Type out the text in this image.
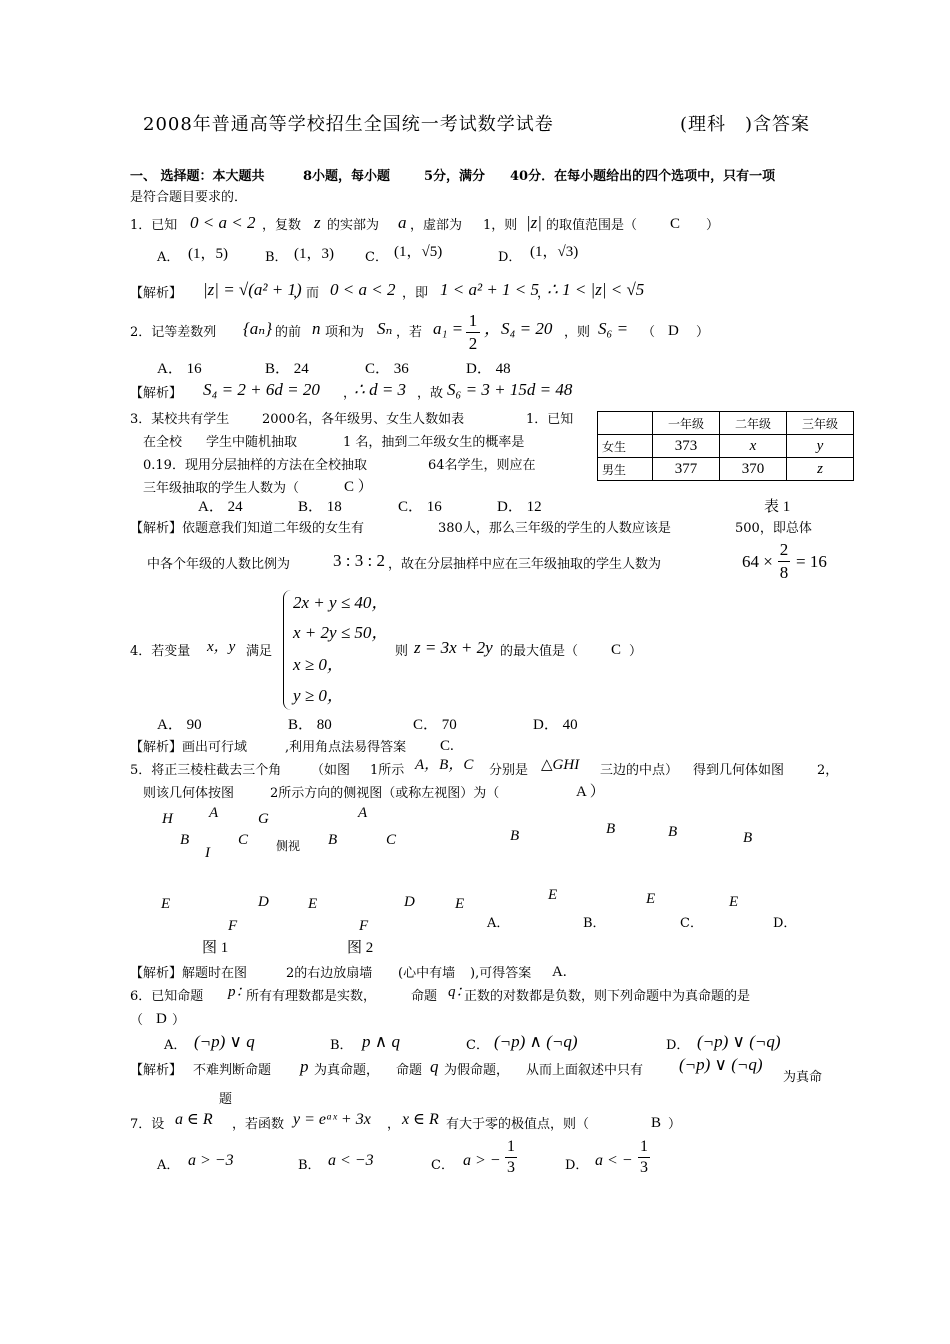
2008年普通高等学校招生全国统一考试数学试卷	(理科　)含答案
一、 选择题：本大题共	8小题，每小题	5分，满分 40分．在每小题给出的四个选项中，只有一项
是符合题目要求的．
1．已知 0 < a < 2 ，复数 z 的实部为 a ，虚部为 1，则 |z| 的取值范围是（ C ）
A． (1，5)	B． (1，3) C． (1，√5)	D． (1，√3)
【解析】 |z| = √(a² + 1)
，而 0 < a < 2 ，即 1 < a² + 1 < 5
，
∴ 1 < |z| < √5
2．记等差数列 {aₙ} 的前 n 项和为 Sₙ ，若 a₁ = 1
2
，S₄ = 20 ，则 S₆ = （ D ）
A． 16	B． 24	C． 36	D． 48
【解析】 S₄ = 2 + 6d = 20 ，
∴ d = 3 ，故 S₆ = 3 + 15d = 48
3．某校共有学生	2000名，各年级男、女生人数如表	1．已知
在全校 学生中随机抽取	1 名，抽到二年级女生的概率是
0.19．现用分层抽样的方法在全校抽取	64名学生，则应在
三年级抽取的学生人数为（	C ）
	一年级	二年级	三年级
女生	373	x	y
男生	377	370	z
A． 24	B． 18	C． 16	D． 12	表 1
【解析】依题意我们知道二年级的女生有	380人，那么三年级的学生的人数应该是	500，即总体
中各个年级的人数比例为	3 : 3 : 2 ，故在分层抽样中应在三年级抽取的学生人数为	64 ×
2
8
= 16
4．若变量 x，y 满足
2x + y ≤ 40，
x + 2y ≤ 50，
x ≥ 0，
y ≥ 0，
则 z = 3x + 2y 的最大值是（ C ）
A． 90	B． 80	C． 70	D． 40
【解析】画出可行域	,利用角点法易得答案 C.
5．将正三棱柱截去三个角 （如图 1所示 A，B，C 分别是 △GHI 三边的中点） 得到几何体如图	2，
则该几何体按图	2所示方向的侧视图（或称左视图）为（	A ）
H A	G
B
I
C
A
B	C
侧视
B	B	B	B
E	D	E	D	E
E	E	E
F	F	A．	B．	C．	D．
图 1	图 2
【解析】解题时在图	2的右边放扇墙 (心中有墙 ),可得答案 A.
6．已知命题 p：
所有有理数都是实数，	命题 q：
正数的对数都是负数，则下列命题中为真命题的是
（ D ）
A． (¬p) ∨ q	B． p ∧ q	C． (¬p) ∧ (¬q)	D． (¬p) ∨ (¬q)
【解析】 不难判断命题 p 为真命题， 命题 q 为假命题， 从而上面叙述中只有 (¬p) ∨ (¬q)
为真命
题
7．设 a ∈ R ，若函数 y = eᵃˣ + 3x ， x ∈ R 有大于零的极值点，则（	B ）
A． a > −3	B． a < −3	C． a > −
1
3	D． a < −
1
3
